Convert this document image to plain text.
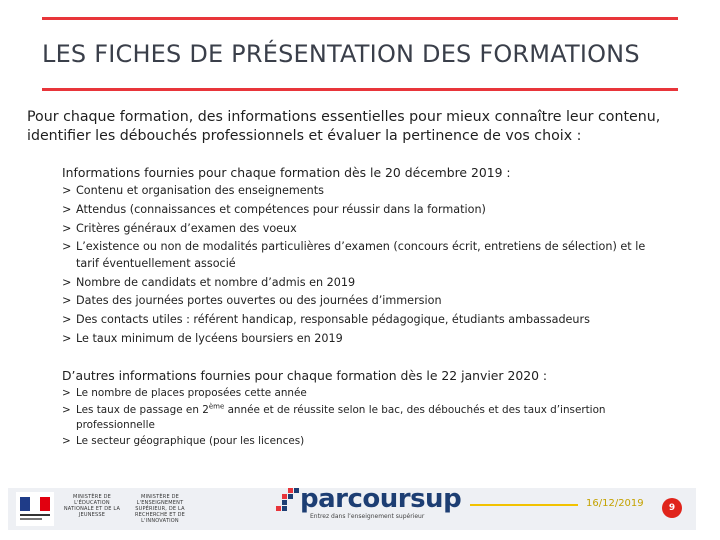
LES FICHES DE PRÉSENTATION DES FORMATIONS
Pour chaque formation, des informations essentielles pour mieux connaître leur contenu, identifier les débouchés professionnels et évaluer la pertinence de vos choix :
Informations fournies pour chaque formation dès le 20 décembre 2019 :
> Contenu et organisation des enseignements
> Attendus (connaissances et compétences pour réussir dans la formation)
> Critères généraux d’examen des voeux
> L’existence ou non de modalités particulières d’examen (concours écrit, entretiens de sélection) et le tarif éventuellement associé
> Nombre de candidats et nombre d’admis en 2019
> Dates des journées portes ouvertes ou des journées d’immersion
> Des contacts utiles : référent handicap, responsable pédagogique, étudiants ambassadeurs
> Le taux minimum de lycéens boursiers en 2019
D’autres informations fournies pour chaque formation dès le 22 janvier 2020 :
> Le nombre de places proposées cette année
> Les taux de passage en 2ème année et de réussite selon le bac, des débouchés et des taux d’insertion professionnelle
> Le secteur géographique (pour les licences)
MINISTÈRE DE L'ÉDUCATION NATIONALE ET DE LA JEUNESSE
MINISTÈRE DE L'ENSEIGNEMENT SUPÉRIEUR, DE LA RECHERCHE ET DE L'INNOVATION
parcoursup
Entrez dans l’enseignement supérieur
16/12/2019	9
